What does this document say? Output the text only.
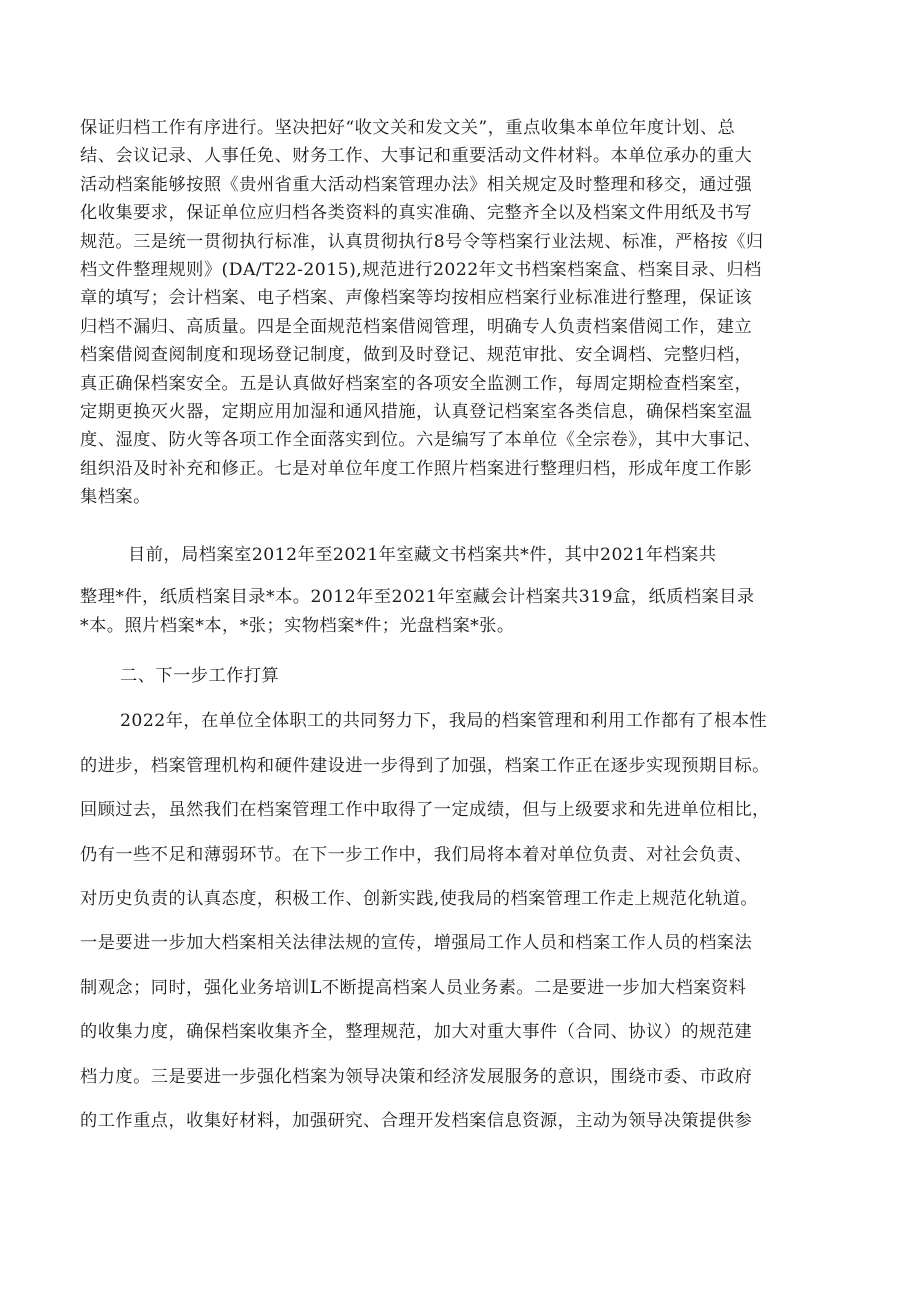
保证归档工作有序进行。坚决把好“收文关和发文关”，重点收集本单位年度计划、总
结、会议记录、人事任免、财务工作、大事记和重要活动文件材料。本单位承办的重大
活动档案能够按照《贵州省重大活动档案管理办法》相关规定及时整理和移交，通过强
化收集要求，保证单位应归档各类资料的真实准确、完整齐全以及档案文件用纸及书写
规范。三是统一贯彻执行标准，认真贯彻执行8号令等档案行业法规、标准，严格按《归
档文件整理规则》(DA/T22-2015),规范进行2022年文书档案档案盒、档案目录、归档
章的填写；会计档案、电子档案、声像档案等均按相应档案行业标准进行整理，保证该
归档不漏归、高质量。四是全面规范档案借阅管理，明确专人负责档案借阅工作，建立
档案借阅查阅制度和现场登记制度，做到及时登记、规范审批、安全调档、完整归档，
真正确保档案安全。五是认真做好档案室的各项安全监测工作，每周定期检查档案室，
定期更换灭火器，定期应用加湿和通风措施，认真登记档案室各类信息，确保档案室温
度、湿度、防火等各项工作全面落实到位。六是编写了本单位《全宗卷》，其中大事记、
组织沿及时补充和修正。七是对单位年度工作照片档案进行整理归档，形成年度工作影
集档案。
目前，局档案室2012年至2021年室藏文书档案共*件，其中2021年档案共
整理*件，纸质档案目录*本。2012年至2021年室藏会计档案共319盒，纸质档案目录
*本。照片档案*本，*张；实物档案*件；光盘档案*张。
二、下一步工作打算
2022年，在单位全体职工的共同努力下，我局的档案管理和利用工作都有了根本性
的进步，档案管理机构和硬件建设进一步得到了加强，档案工作正在逐步实现预期目标。
回顾过去，虽然我们在档案管理工作中取得了一定成绩，但与上级要求和先进单位相比，
仍有一些不足和薄弱环节。在下一步工作中，我们局将本着对单位负责、对社会负责、
对历史负责的认真态度，积极工作、创新实践,使我局的档案管理工作走上规范化轨道。
一是要进一步加大档案相关法律法规的宣传，增强局工作人员和档案工作人员的档案法
制观念；同时，强化业务培训L不断提高档案人员业务素。二是要进一步加大档案资料
的收集力度，确保档案收集齐全，整理规范，加大对重大事件（合同、协议）的规范建
档力度。三是要进一步强化档案为领导决策和经济发展服务的意识，围绕市委、市政府
的工作重点，收集好材料，加强研究、合理开发档案信息资源，主动为领导决策提供参
